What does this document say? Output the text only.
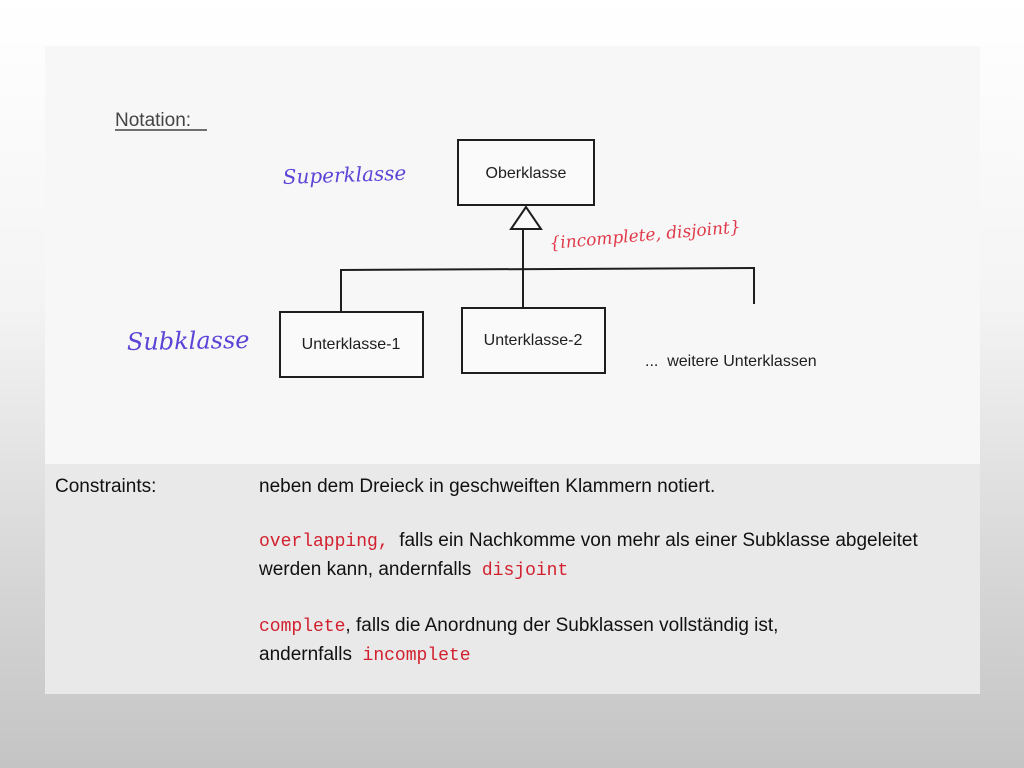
Notation:
Superklasse
Subklasse
Oberklasse
Unterklasse-1	Unterklasse-2
...  weitere Unterklassen
{incomplete, disjoint}
Constraints:	neben dem Dreieck in geschweiften Klammern notiert.

overlapping, falls ein Nachkomme von mehr als einer Subklasse abgeleitet werden kann, andernfalls disjoint

complete, falls die Anordnung der Subklassen vollständig ist, andernfalls incomplete
